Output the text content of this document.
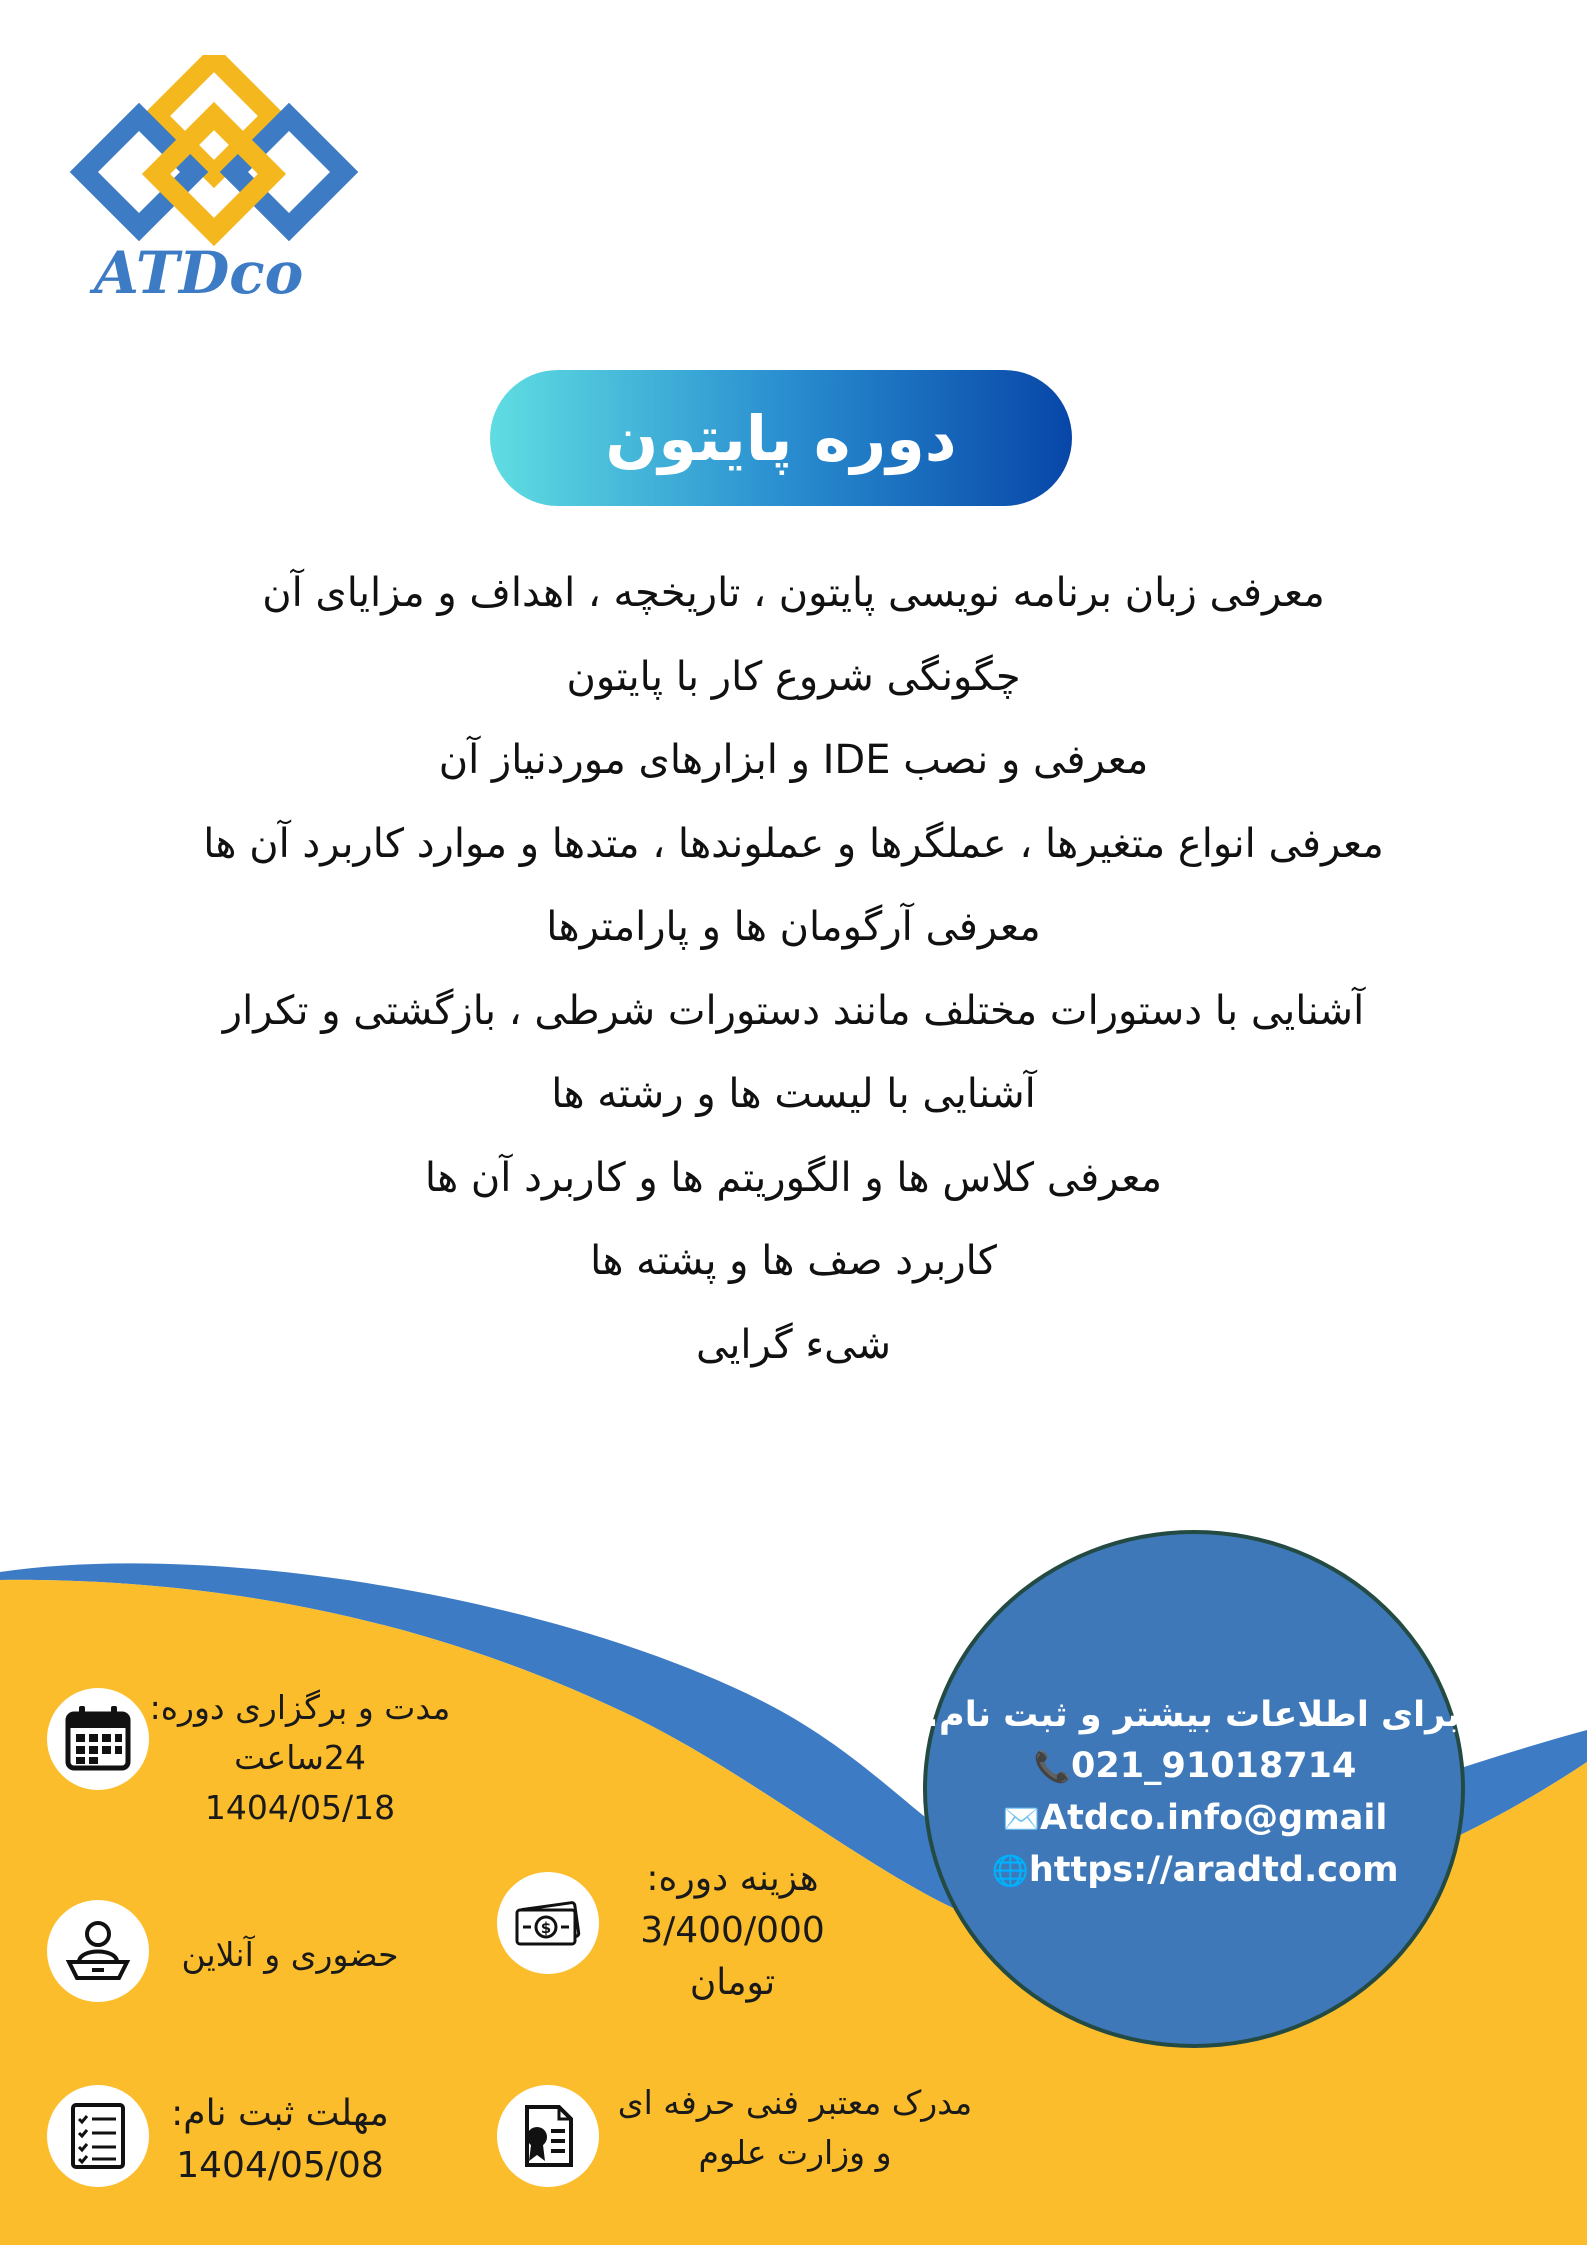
ATDco
دوره پایتون
معرفی زبان برنامه نویسی پایتون ، تاریخچه ، اهداف و مزایای آن
چگونگی شروع کار با پایتون
معرفی و نصب IDE و ابزارهای موردنیاز آن
معرفی انواع متغیرها ، عملگرها و عملوندها ، متدها و موارد کاربرد آن ها
معرفی آرگومان ها و پارامترها
آشنایی با دستورات مختلف مانند دستورات شرطی ، بازگشتی و تکرار
آشنایی با لیست ها و رشته ها
معرفی کلاس ها و الگوریتم ها و کاربرد آن ها
کاربرد صف ها و پشته ها
شیء گرایی
مدت و برگزاری دوره:
24ساعت
1404/05/18
حضوری و آنلاین
مهلت ثبت نام:
1404/05/08
$
هزینه دوره:
3/400/000
تومان
مدرک معتبر فنی حرفه ای
و وزارت علوم
برای اطلاعات بیشتر و ثبت نام:
📞021_91018714
✉️Atdco.info@gmail
🌐https://aradtd.com
